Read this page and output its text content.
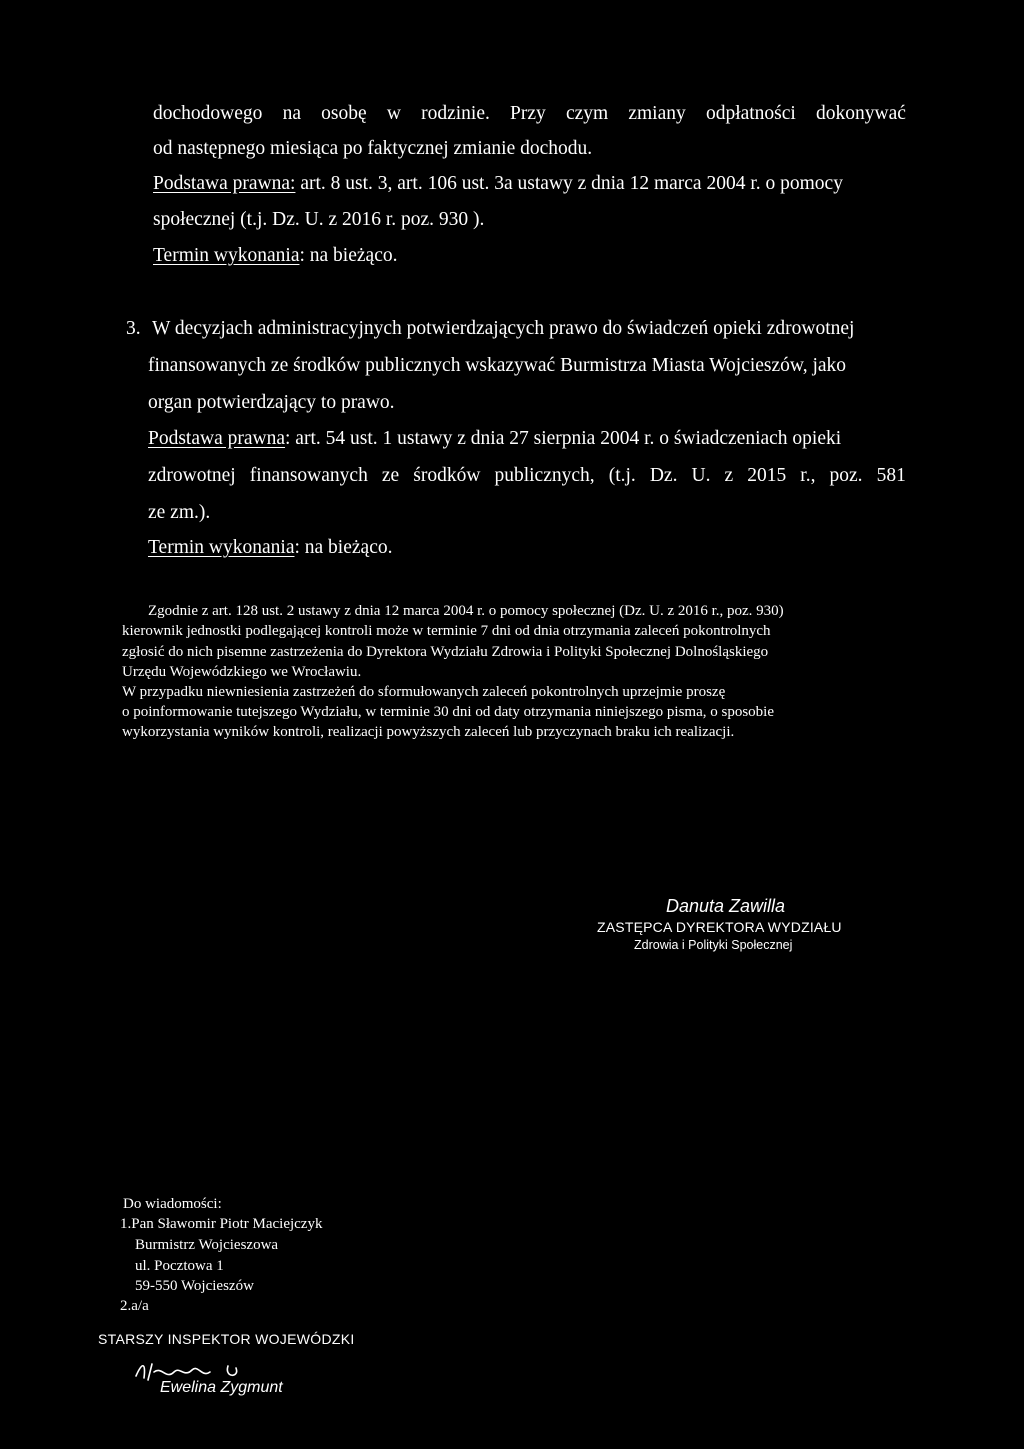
dochodowego na osobę w rodzinie. Przy czym zmiany odpłatności dokonywać
od następnego miesiąca po faktycznej zmianie dochodu.
Podstawa prawna: art. 8 ust. 3, art. 106 ust. 3a ustawy z dnia 12 marca 2004 r. o pomocy
społecznej (t.j. Dz. U. z 2016 r. poz. 930 ).
Termin wykonania: na bieżąco.
3. W decyzjach administracyjnych potwierdzających prawo do świadczeń opieki zdrowotnej
finansowanych ze środków publicznych wskazywać Burmistrza Miasta Wojcieszów, jako
organ potwierdzający to prawo.
Podstawa prawna: art. 54 ust. 1 ustawy z dnia 27 sierpnia 2004 r. o świadczeniach opieki
zdrowotnej finansowanych ze środków publicznych, (t.j. Dz. U. z 2015 r., poz. 581
ze zm.).
Termin wykonania: na bieżąco.
Zgodnie z art. 128 ust. 2 ustawy z dnia 12 marca 2004 r. o pomocy społecznej (Dz. U. z 2016 r., poz. 930)
kierownik jednostki podlegającej kontroli może w terminie 7 dni od dnia otrzymania zaleceń pokontrolnych
zgłosić do nich pisemne zastrzeżenia do Dyrektora Wydziału Zdrowia i Polityki Społecznej Dolnośląskiego
Urzędu Wojewódzkiego we Wrocławiu.
W przypadku niewniesienia zastrzeżeń do sformułowanych zaleceń pokontrolnych uprzejmie proszę
o poinformowanie tutejszego Wydziału, w terminie 30 dni od daty otrzymania niniejszego pisma, o sposobie
wykorzystania wyników kontroli, realizacji powyższych zaleceń lub przyczynach braku ich realizacji.
Danuta Zawilla
ZASTĘPCA DYREKTORA WYDZIAŁU
Zdrowia i Polityki Społecznej
Do wiadomości:
1.Pan Sławomir Piotr Maciejczyk
Burmistrz Wojcieszowa
ul. Pocztowa 1
59-550 Wojcieszów
2.a/a
STARSZY INSPEKTOR WOJEWÓDZKI
Ewelina Zygmunt
